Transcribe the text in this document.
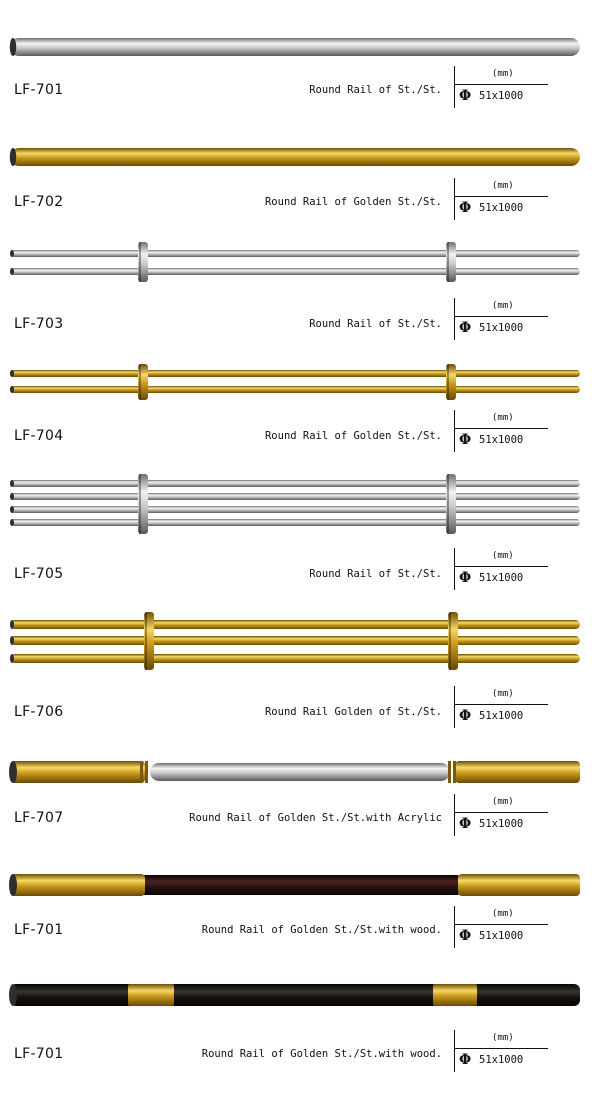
LF-701	Round Rail of St./St.
(mm)
Φ 51x1000
LF-702	Round Rail of Golden St./St.
(mm)
Φ 51x1000
LF-703	Round Rail of St./St.
(mm)
Φ 51x1000
LF-704	Round Rail of Golden St./St.
(mm)
Φ 51x1000
LF-705	Round Rail of St./St.
(mm)
Φ 51x1000
LF-706	Round Rail Golden of St./St.
(mm)
Φ 51x1000
LF-707	Round Rail of Golden St./St.with Acrylic
(mm)
Φ 51x1000
LF-701	Round Rail of Golden St./St.with wood.
(mm)
Φ 51x1000
LF-701	Round Rail of Golden St./St.with wood.
(mm)
Φ 51x1000
